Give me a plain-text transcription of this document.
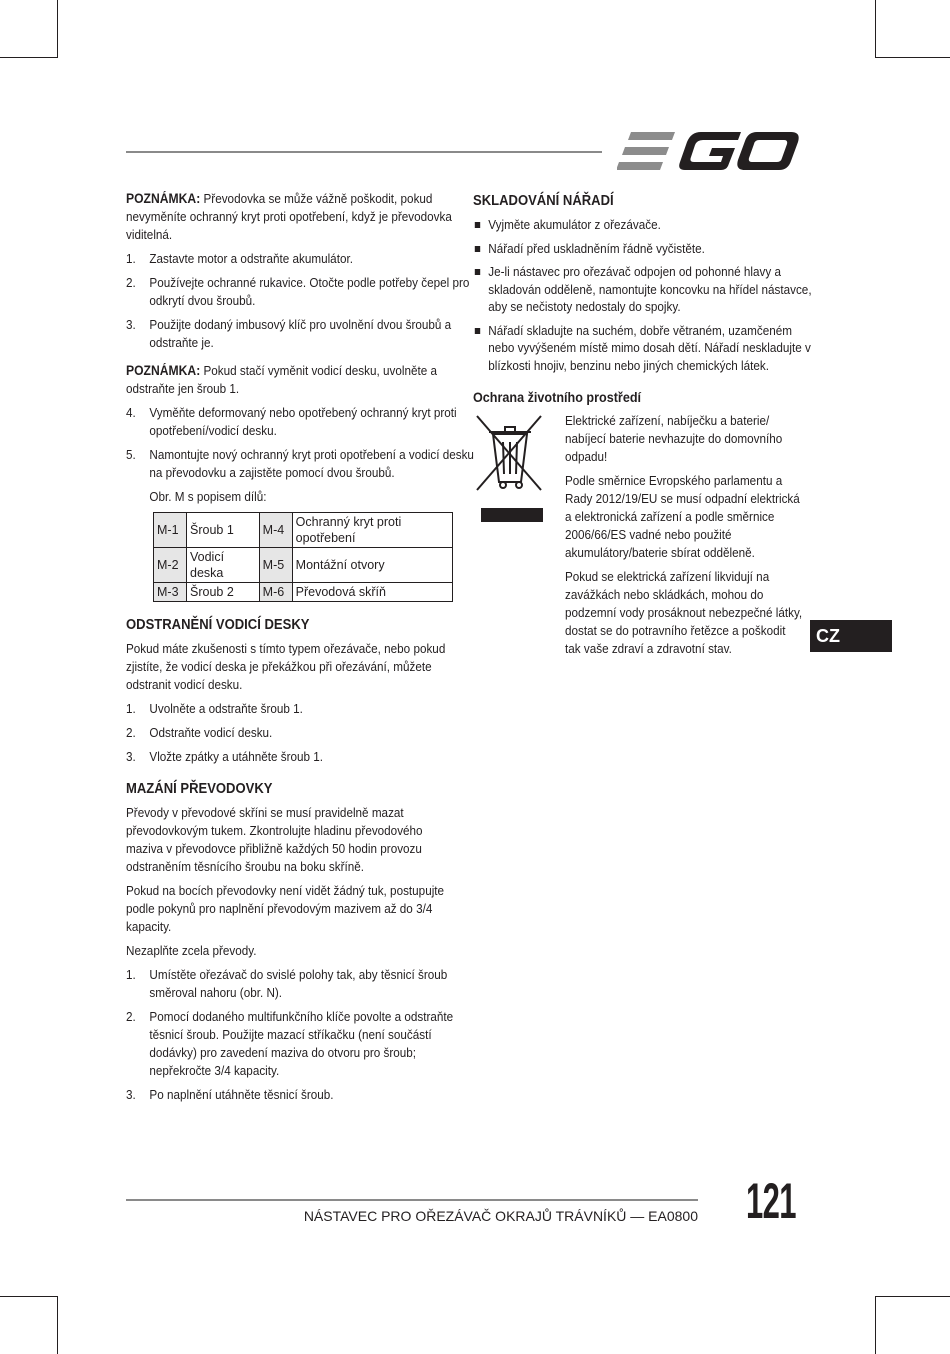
POZNÁMKA: Převodovka se může vážně poškodit, pokud nevyměníte ochranný kryt proti opotřebení, když je převodovka viditelná.

1. Zastavte motor a odstraňte akumulátor.
2. Používejte ochranné rukavice. Otočte podle potřeby čepel pro odkrytí dvou šroubů.
3. Použijte dodaný imbusový klíč pro uvolnění dvou šroubů a odstraňte je.

POZNÁMKA: Pokud stačí vyměnit vodicí desku, uvolněte a odstraňte jen šroub 1.

4. Vyměňte deformovaný nebo opotřebený ochranný kryt proti opotřebení/vodicí desku.
5. Namontujte nový ochranný kryt proti opotřebení a vodicí desku na převodovku a zajistěte pomocí dvou šroubů.

Obr. M s popisem dílů:

M-1	Šroub 1	M-4	Ochranný kryt proti opotřebení
M-2	Vodicí deska	M-5	Montážní otvory
M-3	Šroub 2	M-6	Převodová skříň
ODSTRANĚNÍ VODICÍ DESKY

Pokud máte zkušenosti s tímto typem ořezávače, nebo pokud zjistíte, že vodicí deska je překážkou při ořezávání, můžete odstranit vodicí desku.

1. Uvolněte a odstraňte šroub 1.
2. Odstraňte vodicí desku.
3. Vložte zpátky a utáhněte šroub 1.
MAZÁNÍ PŘEVODOVKY

Převody v převodové skříni se musí pravidelně mazat převodovkovým tukem. Zkontrolujte hladinu převodového maziva v převodovce přibližně každých 50 hodin provozu odstraněním těsnícího šroubu na boku skříně.

Pokud na bocích převodovky není vidět žádný tuk, postupujte podle pokynů pro naplnění převodovým mazivem až do 3/4 kapacity.

Nezaplňte zcela převody.

1. Umístěte ořezávač do svislé polohy tak, aby těsnicí šroub směroval nahoru (obr. N).
2. Pomocí dodaného multifunkčního klíče povolte a odstraňte těsnicí šroub. Použijte mazací stříkačku (není součástí dodávky) pro zavedení maziva do otvoru pro šroub; nepřekročte 3/4 kapacity.
3. Po naplnění utáhněte těsnicí šroub.
SKLADOVÁNÍ NÁŘADÍ
Vyjměte akumulátor z ořezávače.
Nářadí před uskladněním řádně vyčistěte.
Je-li nástavec pro ořezávač odpojen od pohonné hlavy a skladován odděleně, namontujte koncovku na hřídel nástavce, aby se nečistoty nedostaly do spojky.
Nářadí skladujte na suchém, dobře větraném, uzamčeném nebo vyvýšeném místě mimo dosah dětí. Nářadí neskladujte v blízkosti hnojiv, benzinu nebo jiných chemických látek.
Ochrana životního prostředí

Elektrické zařízení, nabíječku a baterie/ nabíjecí baterie nevhazujte do domovního odpadu!

Podle směrnice Evropského parlamentu a Rady 2012/19/EU se musí odpadní elektrická a elektronická zařízení a podle směrnice 2006/66/ES vadné nebo použité akumulátory/baterie sbírat odděleně.

Pokud se elektrická zařízení likvidují na zavážkách nebo skládkách, mohou do podzemní vody prosáknout nebezpečné látky, dostat se do potravního řetězce a poškodit tak vaše zdraví a zdravotní stav.

CZ
NÁSTAVEC PRO OŘEZÁVAČ OKRAJŮ TRÁVNÍKŮ — EA0800 121
